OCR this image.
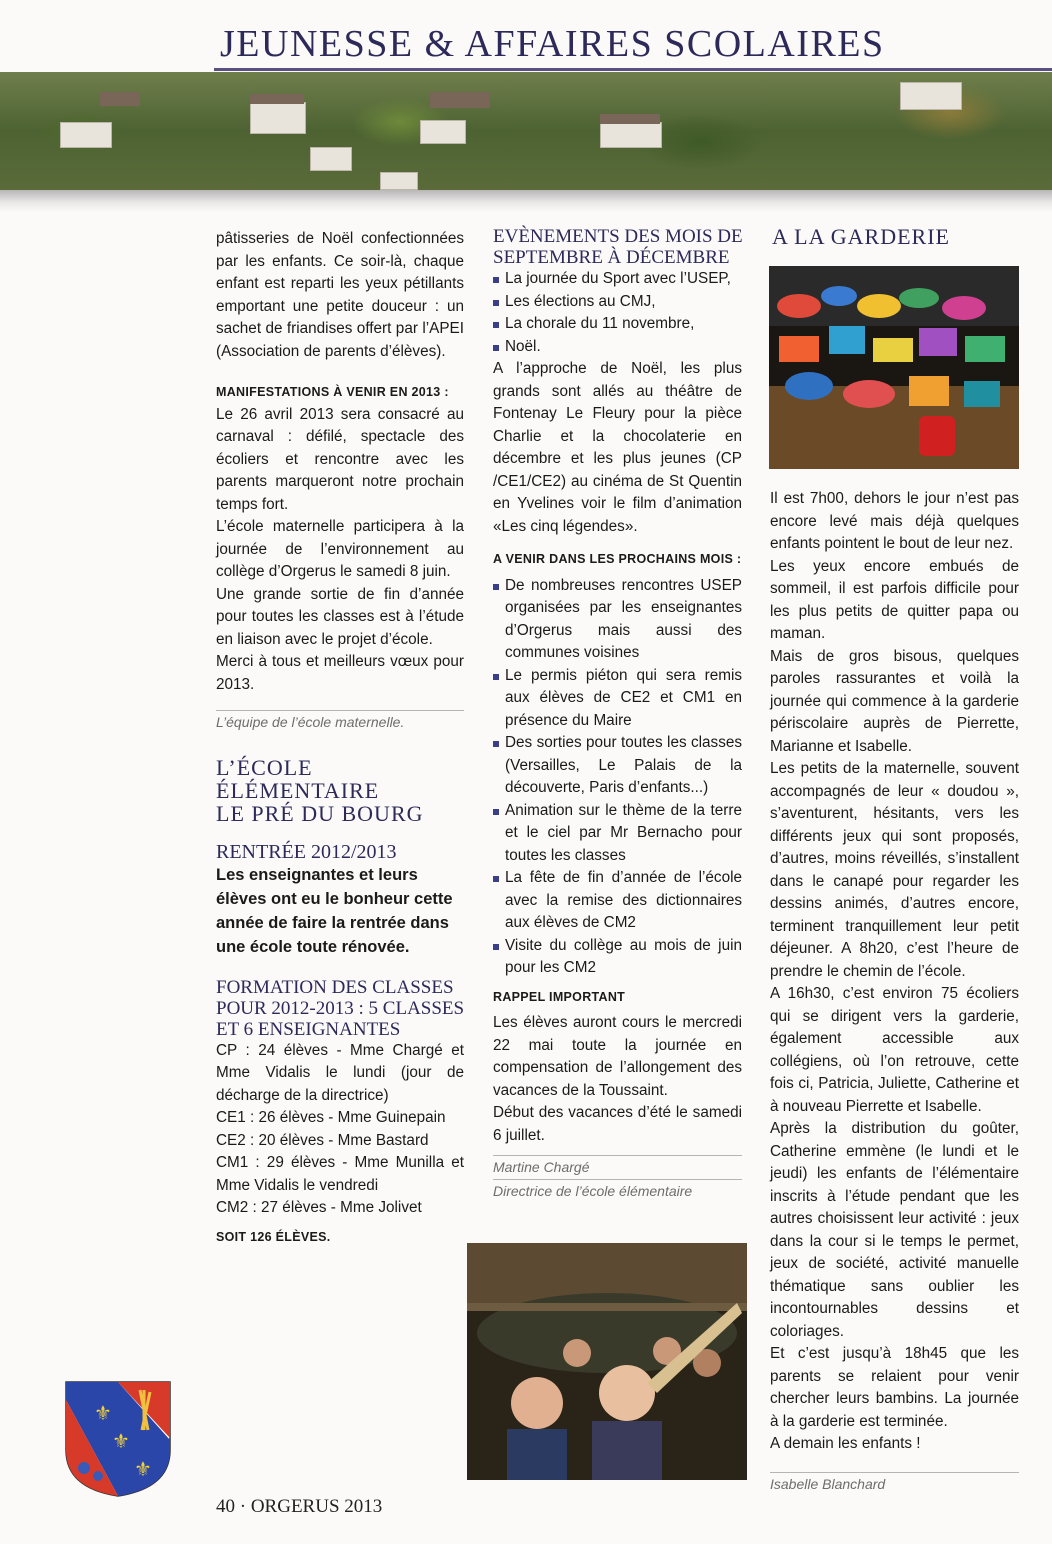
JEUNESSE & AFFAIRES SCOLAIRES

pâtisseries de Noël confectionnées par les enfants. Ce soir-là, chaque enfant est reparti les yeux pétillants emportant une petite douceur : un sachet de friandises offert par l’APEI (Association de parents d’élèves).

MANIFESTATIONS À VENIR EN 2013 :

Le 26 avril 2013 sera consacré au carnaval : défilé, spectacle des écoliers et rencontre avec les parents marqueront notre prochain temps fort.

L’école maternelle participera à la journée de l’environnement au collège d’Orgerus le samedi 8 juin.

Une grande sortie de fin d’année pour toutes les classes est à l’étude en liaison avec le projet d’école.

Merci à tous et meilleurs vœux pour 2013.

L’équipe de l’école maternelle.

L’ÉCOLE

ÉLÉMENTAIRE

LE PRÉ DU BOURG

RENTRÉE 2012/2013

Les enseignantes et leurs élèves ont eu le bonheur cette année de faire la rentrée dans une école toute rénovée.

FORMATION DES CLASSES

POUR 2012-2013 : 5 CLASSES

ET 6 ENSEIGNANTES

CP : 24 élèves - Mme Chargé et Mme Vidalis le lundi (jour de décharge de la directrice)

CE1 : 26 élèves - Mme Guinepain

CE2 : 20 élèves - Mme Bastard

CM1 : 29 élèves - Mme Munilla et Mme Vidalis le vendredi

CM2 : 27 élèves - Mme Jolivet

SOIT 126 ÉLÈVES.

EVÈNEMENTS DES MOIS DE

SEPTEMBRE À DÉCEMBRE

La journée du Sport avec l’USEP,
Les élections au CMJ,
La chorale du 11 novembre,
Noël.

A l’approche de Noël, les plus grands sont allés au théâtre de Fontenay Le Fleury pour la pièce Charlie et la chocolaterie en décembre et les plus jeunes (CP /CE1/CE2) au cinéma de St Quentin en Yvelines voir le film d’animation «Les cinq légendes».

A VENIR DANS LES PROCHAINS MOIS :

De nombreuses rencontres USEP organisées par les enseignantes d’Orgerus mais aussi des communes voisines
Le permis piéton qui sera remis aux élèves de CE2 et CM1 en présence du Maire
Des sorties pour toutes les classes (Versailles, Le Palais de la découverte, Paris d’enfants...)
Animation sur le thème de la terre et le ciel par Mr Bernacho pour toutes les classes
La fête de fin d’année de l’école avec la remise des dictionnaires aux élèves de CM2
Visite du collège au mois de juin pour les CM2

RAPPEL IMPORTANT

Les élèves auront cours le mercredi 22 mai toute la journée en compensation de l’allongement des vacances de la Toussaint.

Début des vacances d’été le samedi 6 juillet.

Martine Chargé
Directrice de l’école élémentaire
A LA GARDERIE

Il est 7h00, dehors le jour n’est pas encore levé mais déjà quelques enfants pointent le bout de leur nez.

Les yeux encore embués de sommeil, il est parfois difficile pour les plus petits de quitter papa ou maman.

Mais de gros bisous, quelques paroles rassurantes et voilà la journée qui commence à la garderie périscolaire auprès de Pierrette, Marianne et Isabelle.

Les petits de la maternelle, souvent accompagnés de leur « doudou », s’aventurent, hésitants, vers les différents jeux qui sont proposés, d’autres, moins réveillés, s’installent dans le canapé pour regarder les dessins animés, d’autres encore, terminent tranquillement leur petit déjeuner. A 8h20, c’est l’heure de prendre le chemin de l’école.

A 16h30, c’est environ 75 écoliers qui se dirigent vers la garderie, également accessible aux collégiens, où l’on retrouve, cette fois ci, Patricia, Juliette, Catherine et à nouveau Pierrette et Isabelle.

Après la distribution du goûter, Catherine emmène (le lundi et le jeudi) les enfants de l’élémentaire inscrits à l’étude pendant que les autres choisissent leur activité : jeux dans la cour si le temps le permet, jeux de société, activité manuelle thématique sans oublier les incontournables dessins et coloriages.

Et c’est jusqu’à 18h45 que les parents se relaient pour venir chercher leurs bambins. La journée à la garderie est terminée.

A demain les enfants !

Isabelle Blanchard
⚜
⚜
⚜
40 · ORGERUS 2013
